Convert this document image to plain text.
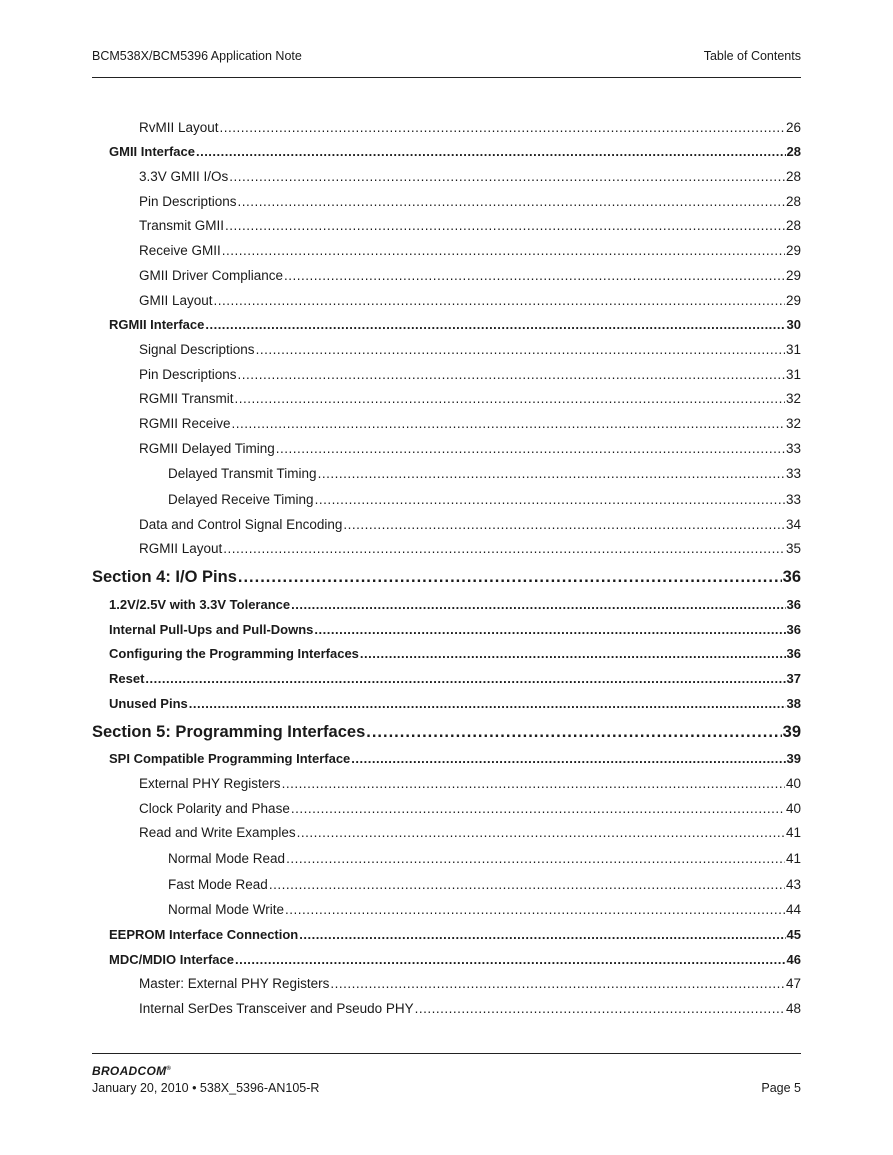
BCM538X/BCM5396 Application Note	Table of Contents
RvMII Layout .....	26
GMII Interface .....	28
3.3V GMII I/Os .....	28
Pin Descriptions .....	28
Transmit GMII .....	28
Receive GMII .....	29
GMII Driver Compliance .....	29
GMII Layout .....	29
RGMII Interface .....	30
Signal Descriptions .....	31
Pin Descriptions .....	31
RGMII Transmit .....	32
RGMII Receive .....	32
RGMII Delayed Timing .....	33
Delayed Transmit Timing .....	33
Delayed Receive Timing .....	33
Data and Control Signal Encoding .....	34
RGMII Layout .....	35
Section 4: I/O Pins .....	36
1.2V/2.5V with 3.3V Tolerance .....	36
Internal Pull-Ups and Pull-Downs .....	36
Configuring the Programming Interfaces .....	36
Reset .....	37
Unused Pins .....	38
Section 5: Programming Interfaces .....	39
SPI Compatible Programming Interface .....	39
External PHY Registers .....	40
Clock Polarity and Phase .....	40
Read and Write Examples .....	41
Normal Mode Read .....	41
Fast Mode Read .....	43
Normal Mode Write .....	44
EEPROM Interface Connection .....	45
MDC/MDIO Interface .....	46
Master: External PHY Registers .....	47
Internal SerDes Transceiver and Pseudo PHY .....	48
BROADCOM®
January 20, 2010 • 538X_5396-AN105-R	Page 5
